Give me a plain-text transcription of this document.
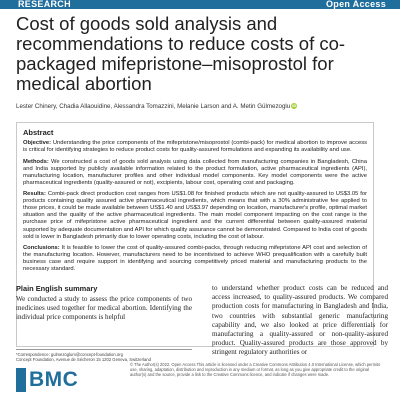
RESEARCH	Open Access
Cost of goods sold analysis and recommendations to reduce costs of co-packaged mifepristone–misoprostol for medical abortion
Lester Chinery, Chadia Allaouidine, Alessandra Tomazzini, Melanie Larson and A. Metin Gülmezoglu iD
Abstract

Objective: Understanding the price components of the mifepristone/misoprostol (combi-pack) for medical abortion to improve access is critical for identifying strategies to reduce product costs for quality-assured formulations and expanding its availability and use.

Methods: We constructed a cost of goods sold analysis using data collected from manufacturing companies in Bangladesh, China and India supported by publicly available information related to the product formulation, active pharmaceutical ingredients (API), manufacturing location, manufacturer profiles and other individual model components. Key model components were the active pharmaceutical ingredients (quality-assured or not), excipients, labour cost, operating cost and packaging.

Results: Combi-pack direct production cost ranges from US$1.08 for finished products which are not quality-assured to US$3.05 for products containing quality assured active pharmaceutical ingredients, which means that with a 30% administrative fee applied to those prices, it could be made available between US$1.40 and US$3.97 depending on location, manufacturer's profile, optimal market situation and the quality of the active pharmaceutical ingredients. The main model component impacting on the cost range is the purchase price of mifepristone active pharmaceutical ingredient and the current differential between quality-assured material supported by adequate documentation and API for which quality assurance cannot be demonstrated. Compared to India cost of goods sold is lower in Bangladesh primarily due to lower operating costs, including the cost of labour.

Conclusions: It is feasible to lower the cost of quality-assured combi-packs, through reducing mifepristone API cost and selection of the manufacturing location. However, manufacturers need to be incentivised to achieve WHO prequalification with a carefully built business case and require support in identifying and sourcing competitively priced material and manufacturing products to the necessary standard.

Plain English summary

We conducted a study to assess the price components of two medicines used together for medical abortion. Identifying the individual price components is helpful

to understand whether product costs can be reduced and access increased, to quality-assured products. We compared production costs for manufacturing in Bangladesh and India, two countries with substantial generic manufacturing capability and, we also looked at price differentials for manufacturing a quality-assured or non-quality-assured product. Quality-assured products are those approved by stringent regulatory authorities or

*Correspondence: gulmezoglum@concept-foundation.org
Concept Foundation, Avenue de Sécheron 15 1202 Geneva, Switzerland
BMC
© The Author(s) 2022. Open Access This article is licensed under a Creative Commons Attribution 4.0 International License, which permits use, sharing, adaptation, distribution and reproduction in any medium or format, as long as you give appropriate credit to the original author(s) and the source, provide a link to the Creative Commons licence, and indicate if changes were made.
